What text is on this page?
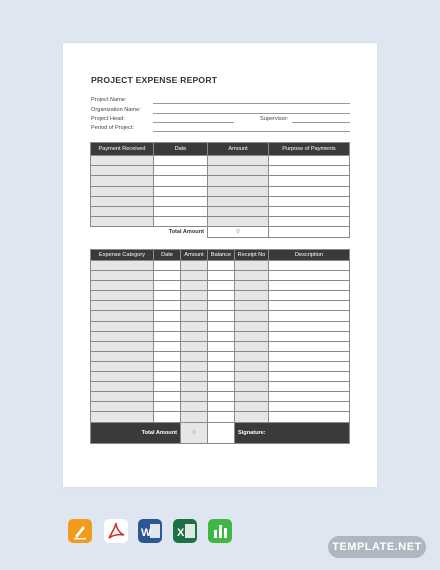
PROJECT EXPENSE REPORT
Project Name:
Organization Name:
Project Head:	Supervisor:
Period of Project:
Payment Received	Date	Amount	Purpose of Payments

Total Amount		0	
Expense Category	Date	Amount	Balance	Receipt No	Description

Total Amount		0		Signature:	

W X
TEMPLATE.NET
